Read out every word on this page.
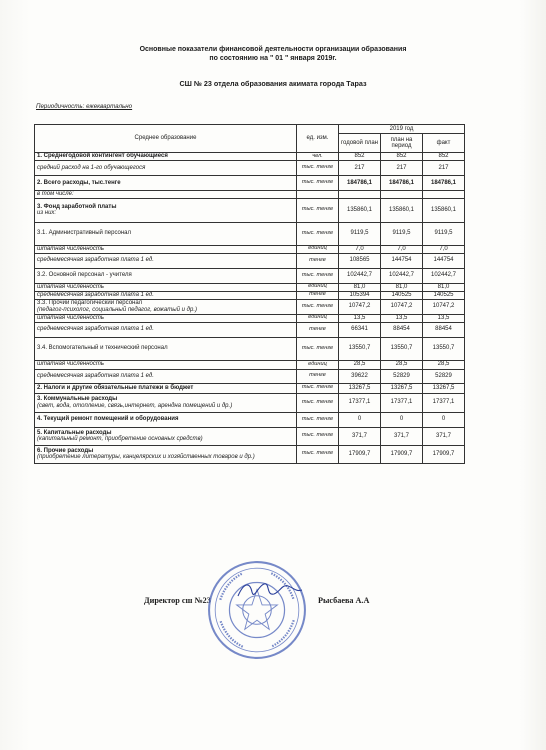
Основные показатели финансовой деятельности организации образования
по состоянию на " 01 " января 2019г.
СШ № 23 отдела образования акимата города Тараз
Периодичность: ежеквартально
Среднее образование	ед. изм.	2019 год		
		годовой план	план на период	факт

1. Среднегодовой контингент обучающиеся	чел.	852	852	852

средний расход на 1-го обучающегося	тыс. тенге	217	217	217

2. Всего расходы, тыс.тенге	тыс. тенге	184786,1	184786,1	184786,1

в том числе:				

3. Фонд заработной платы
из них:	тыс. тенге	135860,1	135860,1	135860,1

3.1. Административный персонал	тыс. тенге	9119,5	9119,5	9119,5

штатная численность	единиц	7,0	7,0	7,0

среднемесячная заработная плата 1 ед.	тенге	108565	144754	144754

3.2. Основной персонал - учителя	тыс. тенге	102442,7	102442,7	102442,7

штатная численность	единиц	81,0	81,0	81,0

среднемесячная заработная плата 1 ед.	тенге	105394	140525	140525

3.3. Прочий педагогический персонал
(педагог-психолог, социальный педагог, вожатый и др.)	тыс. тенге	10747,2	10747,2	10747,2

штатная численность	единиц	13,5	13,5	13,5

среднемесячная заработная плата 1 ед.	тенге	66341	88454	88454

3.4. Вспомогательный и технический персонал	тыс. тенге	13550,7	13550,7	13550,7

штатная численность	единиц	28,5	28,5	28,5

среднемесячная заработная плата 1 ед.	тенге	39622	52829	52829

2. Налоги и другие обязательные платежи в бюджет	тыс. тенге	13267,5	13267,5	13267,5

3. Коммунальные расходы
(свет, вода, отопление, связь,интернет, арендна помещений и др.)	тыс. тенге	17377,1	17377,1	17377,1

4. Текущий ремонт помещений и оборудования	тыс. тенге	0	0	0

5. Капитальные расходы
(капитальный ремонт, приобретение основных средств)	тыс. тенге	371,7	371,7	371,7

6. Прочие расходы
(приобретение литературы, канцелярских и хозяйственных товаров и др.)	тыс. тенге	17909,7	17909,7	17909,7
Директор сш №23	Рысбаева А.А
